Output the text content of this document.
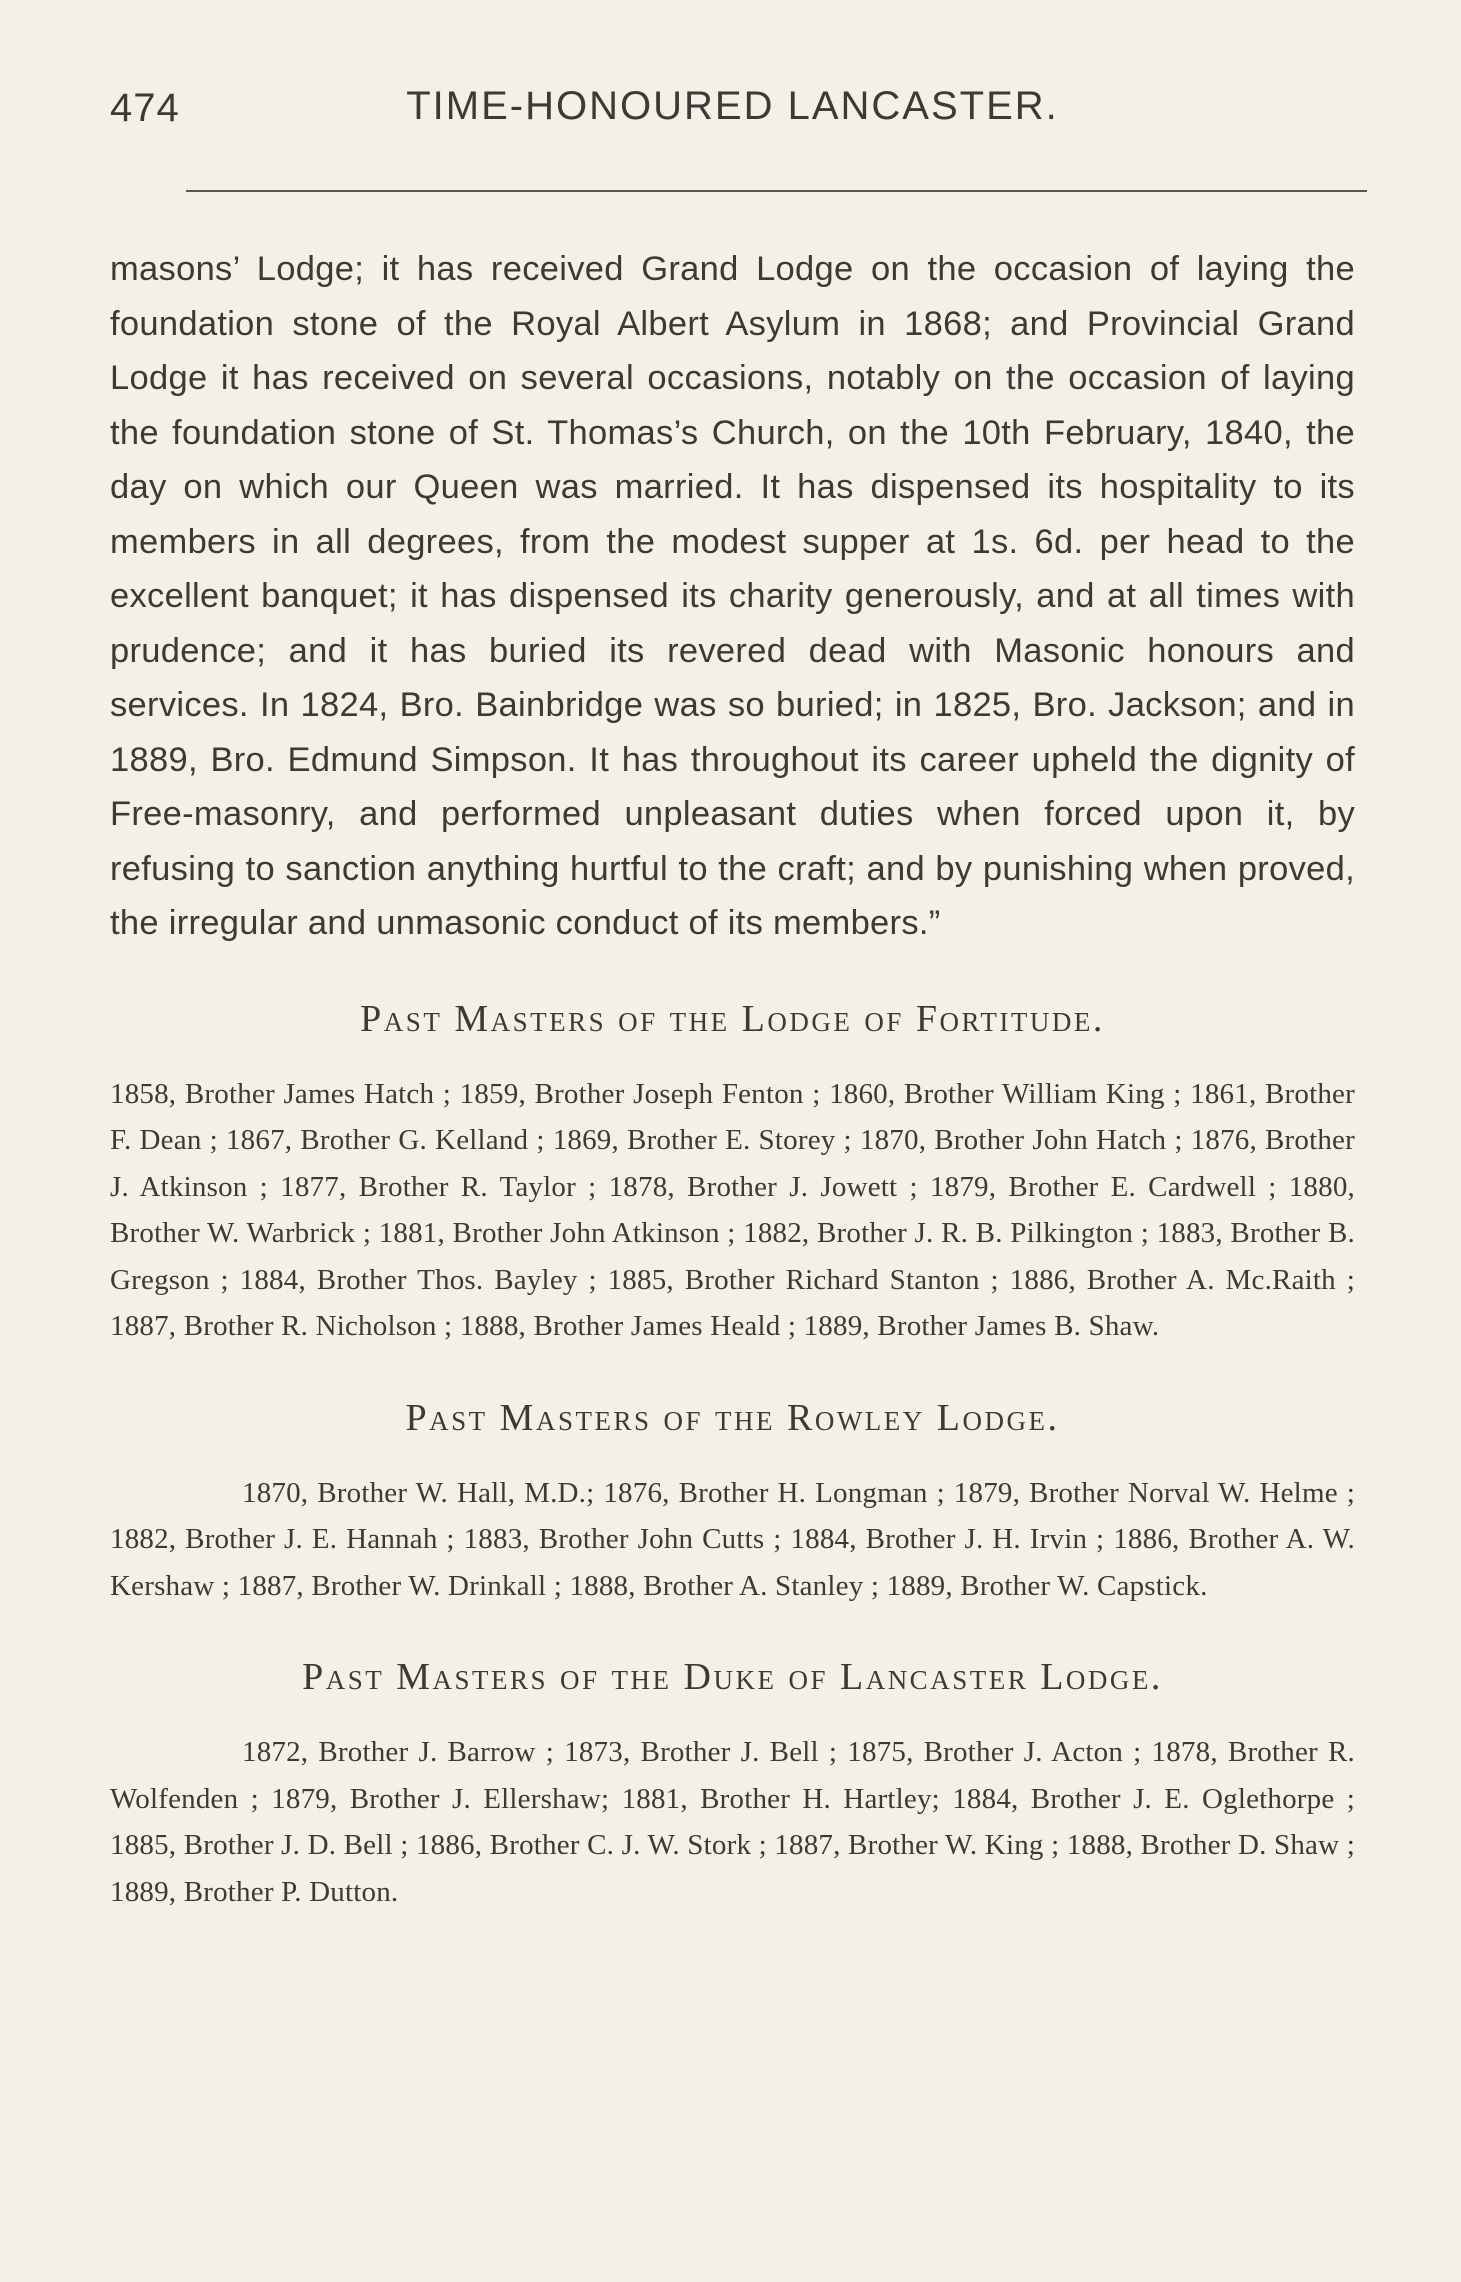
474	TIME-HONOURED LANCASTER.

masons’ Lodge; it has received Grand Lodge on the occasion of laying the foundation stone of the Royal Albert Asylum in 1868; and Provincial Grand Lodge it has received on several occasions, notably on the occasion of laying the foundation stone of St. Thomas’s Church, on the 10th February, 1840, the day on which our Queen was married. It has dispensed its hospitality to its members in all degrees, from the modest supper at 1s. 6d. per head to the excellent banquet; it has dispensed its charity generously, and at all times with prudence; and it has buried its revered dead with Masonic honours and services. In 1824, Bro. Bainbridge was so buried; in 1825, Bro. Jackson; and in 1889, Bro. Edmund Simpson. It has throughout its career upheld the dignity of Free-masonry, and performed unpleasant duties when forced upon it, by refusing to sanction anything hurtful to the craft; and by punishing when proved, the irregular and unmasonic conduct of its members.”

Past Masters of the Lodge of Fortitude.

1858, Brother James Hatch ; 1859, Brother Joseph Fenton ; 1860, Brother William King ; 1861, Brother F. Dean ; 1867, Brother G. Kelland ; 1869, Brother E. Storey ; 1870, Brother John Hatch ; 1876, Brother J. Atkinson ; 1877, Brother R. Taylor ; 1878, Brother J. Jowett ; 1879, Brother E. Cardwell ; 1880, Brother W. Warbrick ; 1881, Brother John Atkinson ; 1882, Brother J. R. B. Pilkington ; 1883, Brother B. Gregson ; 1884, Brother Thos. Bayley ; 1885, Brother Richard Stanton ; 1886, Brother A. Mc.Raith ; 1887, Brother R. Nicholson ; 1888, Brother James Heald ; 1889, Brother James B. Shaw.

Past Masters of the Rowley Lodge.

1870, Brother W. Hall, M.D.; 1876, Brother H. Longman ; 1879, Brother Norval W. Helme ; 1882, Brother J. E. Hannah ; 1883, Brother John Cutts ; 1884, Brother J. H. Irvin ; 1886, Brother A. W. Kershaw ; 1887, Brother W. Drinkall ; 1888, Brother A. Stanley ; 1889, Brother W. Capstick.

Past Masters of the Duke of Lancaster Lodge.

1872, Brother J. Barrow ; 1873, Brother J. Bell ; 1875, Brother J. Acton ; 1878, Brother R. Wolfenden ; 1879, Brother J. Ellershaw; 1881, Brother H. Hartley; 1884, Brother J. E. Oglethorpe ; 1885, Brother J. D. Bell ; 1886, Brother C. J. W. Stork ; 1887, Brother W. King ; 1888, Brother D. Shaw ; 1889, Brother P. Dutton.
